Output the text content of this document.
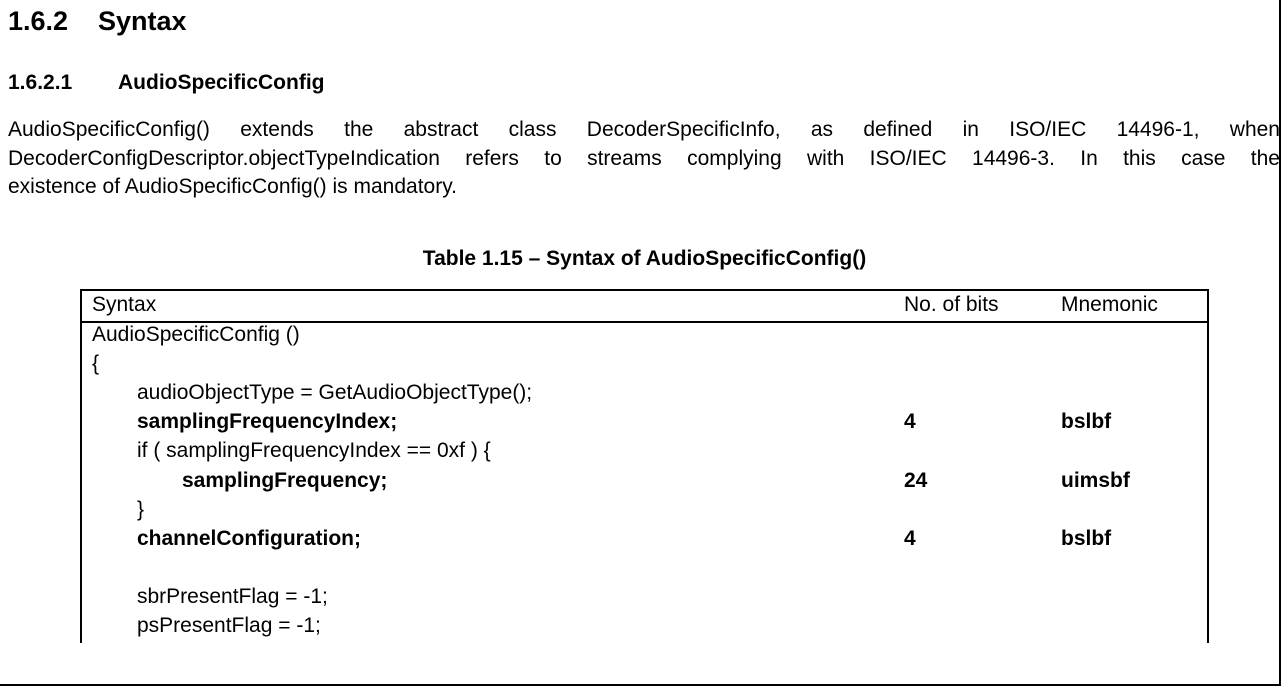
1.6.2 Syntax
1.6.2.1 AudioSpecificConfig
AudioSpecificConfig() extends the abstract class DecoderSpecificInfo, as defined in ISO/IEC 14496-1, when
DecoderConfigDescriptor.objectTypeIndication refers to streams complying with ISO/IEC 14496-3. In this case the
existence of AudioSpecificConfig() is mandatory.
Table 1.15 – Syntax of AudioSpecificConfig()
Syntax	No. of bits	Mnemonic
AudioSpecificConfig ()
{
audioObjectType = GetAudioObjectType();
samplingFrequencyIndex;	4	bslbf
if ( samplingFrequencyIndex == 0xf ) {
samplingFrequency;	24	uimsbf
}
channelConfiguration;	4	bslbf
sbrPresentFlag = -1;
psPresentFlag = -1;
